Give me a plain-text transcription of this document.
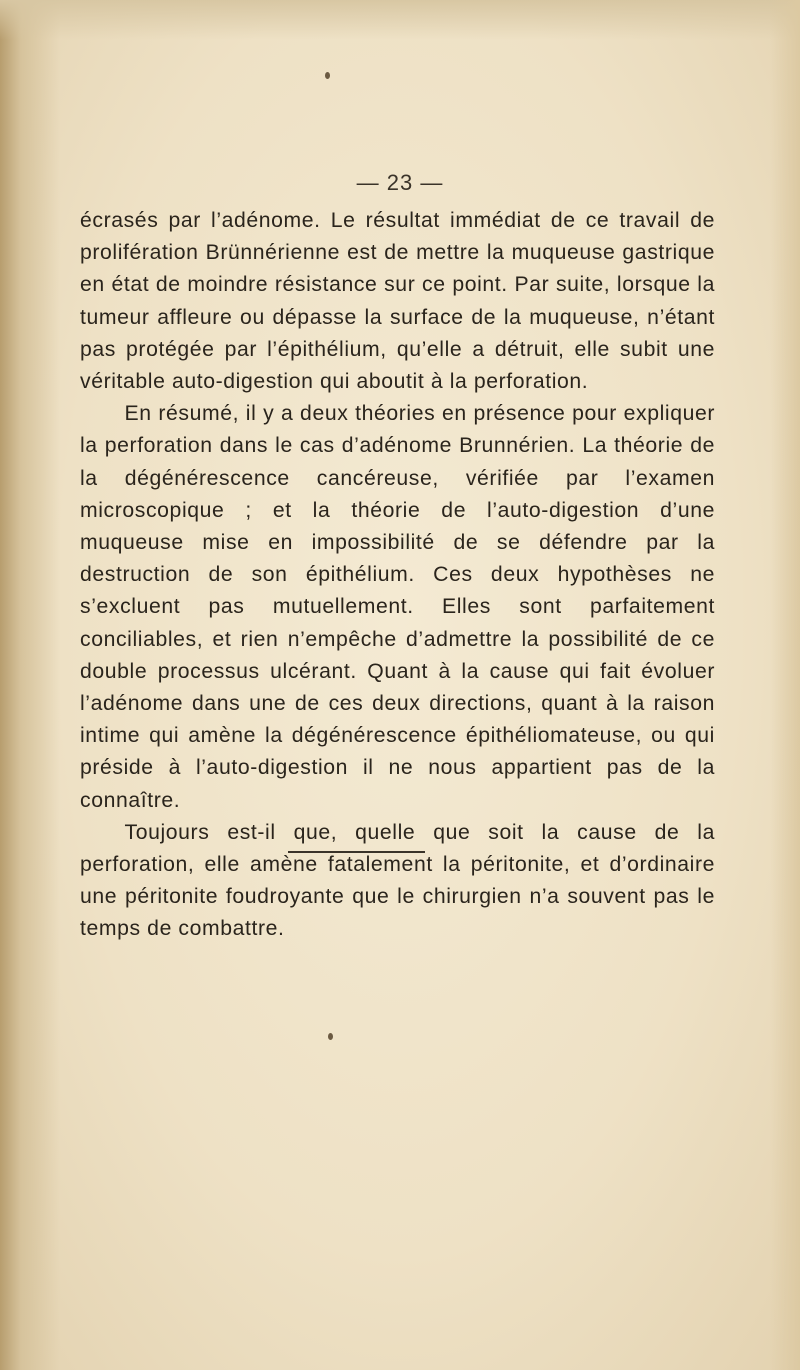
— 23 —

écrasés par l’adénome. Le résultat immédiat de ce travail de prolifération Brünnérienne est de mettre la muqueuse gastrique en état de moindre résistance sur ce point. Par suite, lorsque la tumeur affleure ou dépasse la surface de la muqueuse, n’étant pas protégée par l’épithélium, qu’elle a détruit, elle subit une véritable auto-digestion qui aboutit à la perforation.

En résumé, il y a deux théories en présence pour expliquer la perforation dans le cas d’adénome Brunnérien. La théorie de la dégénérescence cancéreuse, vérifiée par l’examen microscopique ; et la théorie de l’auto-digestion d’une muqueuse mise en impossibilité de se défendre par la destruction de son épithélium. Ces deux hypothèses ne s’excluent pas mutuellement. Elles sont parfaitement conciliables, et rien n’empêche d’admettre la possibilité de ce double processus ulcérant. Quant à la cause qui fait évoluer l’adénome dans une de ces deux directions, quant à la raison intime qui amène la dégénérescence épithéliomateuse, ou qui préside à l’auto-digestion il ne nous appartient pas de la connaître.

Toujours est-il que, quelle que soit la cause de la perforation, elle amène fatalement la péritonite, et d’ordinaire une péritonite foudroyante que le chirurgien n’a souvent pas le temps de combattre.
